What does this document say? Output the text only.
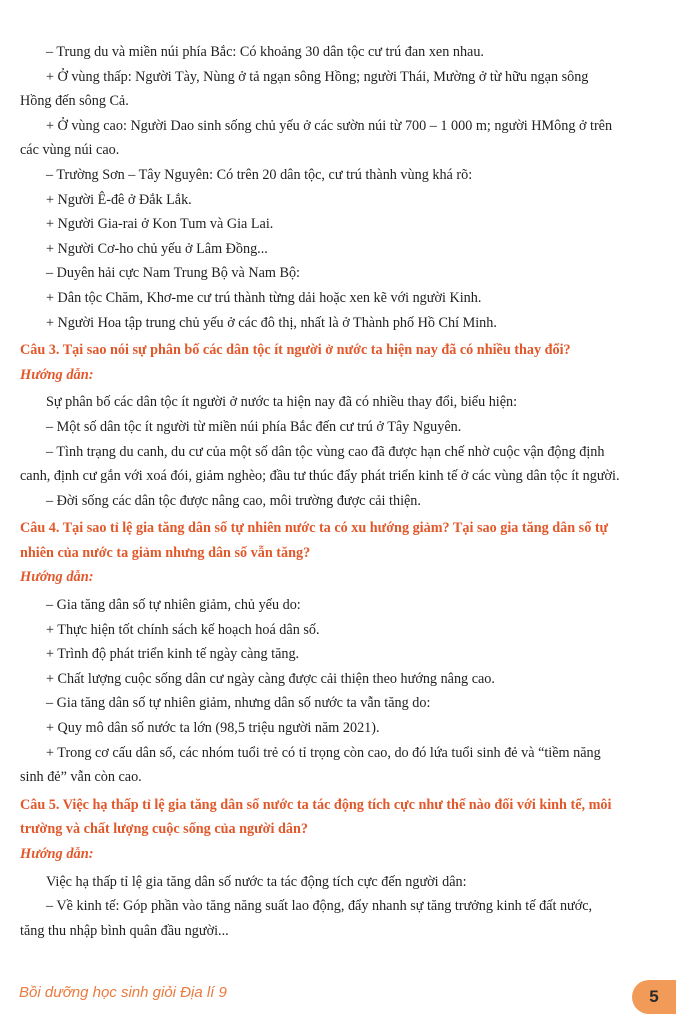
– Trung du và miền núi phía Bắc: Có khoảng 30 dân tộc cư trú đan xen nhau.

+ Ở vùng thấp: Người Tày, Nùng ở tả ngạn sông Hồng; người Thái, Mường ở từ hữu ngạn sông

Hồng đến sông Cả.

+ Ở vùng cao: Người Dao sinh sống chủ yếu ở các sườn núi từ 700 – 1 000 m; người HMông ở trên

các vùng núi cao.

– Trường Sơn – Tây Nguyên: Có trên 20 dân tộc, cư trú thành vùng khá rõ:

+ Người Ê-đê ở Đắk Lắk.

+ Người Gia-rai ở Kon Tum và Gia Lai.

+ Người Cơ-ho chủ yếu ở Lâm Đồng...

– Duyên hải cực Nam Trung Bộ và Nam Bộ:

+ Dân tộc Chăm, Khơ-me cư trú thành từng dải hoặc xen kẽ với người Kinh.

+ Người Hoa tập trung chủ yếu ở các đô thị, nhất là ở Thành phố Hồ Chí Minh.

Câu 3. Tại sao nói sự phân bố các dân tộc ít người ở nước ta hiện nay đã có nhiều thay đổi?

Hướng dẫn:

Sự phân bố các dân tộc ít người ở nước ta hiện nay đã có nhiều thay đổi, biểu hiện:

– Một số dân tộc ít người từ miền núi phía Bắc đến cư trú ở Tây Nguyên.

– Tình trạng du canh, du cư của một số dân tộc vùng cao đã được hạn chế nhờ cuộc vận động định

canh, định cư gắn với xoá đói, giảm nghèo; đầu tư thúc đẩy phát triển kinh tế ở các vùng dân tộc ít người.

– Đời sống các dân tộc được nâng cao, môi trường được cải thiện.

Câu 4. Tại sao tỉ lệ gia tăng dân số tự nhiên nước ta có xu hướng giảm? Tại sao gia tăng dân số tự

nhiên của nước ta giảm nhưng dân số vẫn tăng?

Hướng dẫn:

– Gia tăng dân số tự nhiên giảm, chủ yếu do:

+ Thực hiện tốt chính sách kế hoạch hoá dân số.

+ Trình độ phát triển kinh tế ngày càng tăng.

+ Chất lượng cuộc sống dân cư ngày càng được cải thiện theo hướng nâng cao.

– Gia tăng dân số tự nhiên giảm, nhưng dân số nước ta vẫn tăng do:

+ Quy mô dân số nước ta lớn (98,5 triệu người năm 2021).

+ Trong cơ cấu dân số, các nhóm tuổi trẻ có tỉ trọng còn cao, do đó lứa tuổi sinh đẻ và “tiềm năng

sinh đẻ” vẫn còn cao.

Câu 5. Việc hạ thấp tỉ lệ gia tăng dân số nước ta tác động tích cực như thế nào đối với kinh tế, môi

trường và chất lượng cuộc sống của người dân?

Hướng dẫn:

Việc hạ thấp tỉ lệ gia tăng dân số nước ta tác động tích cực đến người dân:

– Về kinh tế: Góp phần vào tăng năng suất lao động, đẩy nhanh sự tăng trưởng kinh tế đất nước,

tăng thu nhập bình quân đầu người...

Bồi dưỡng học sinh giỏi Địa lí 9	5
